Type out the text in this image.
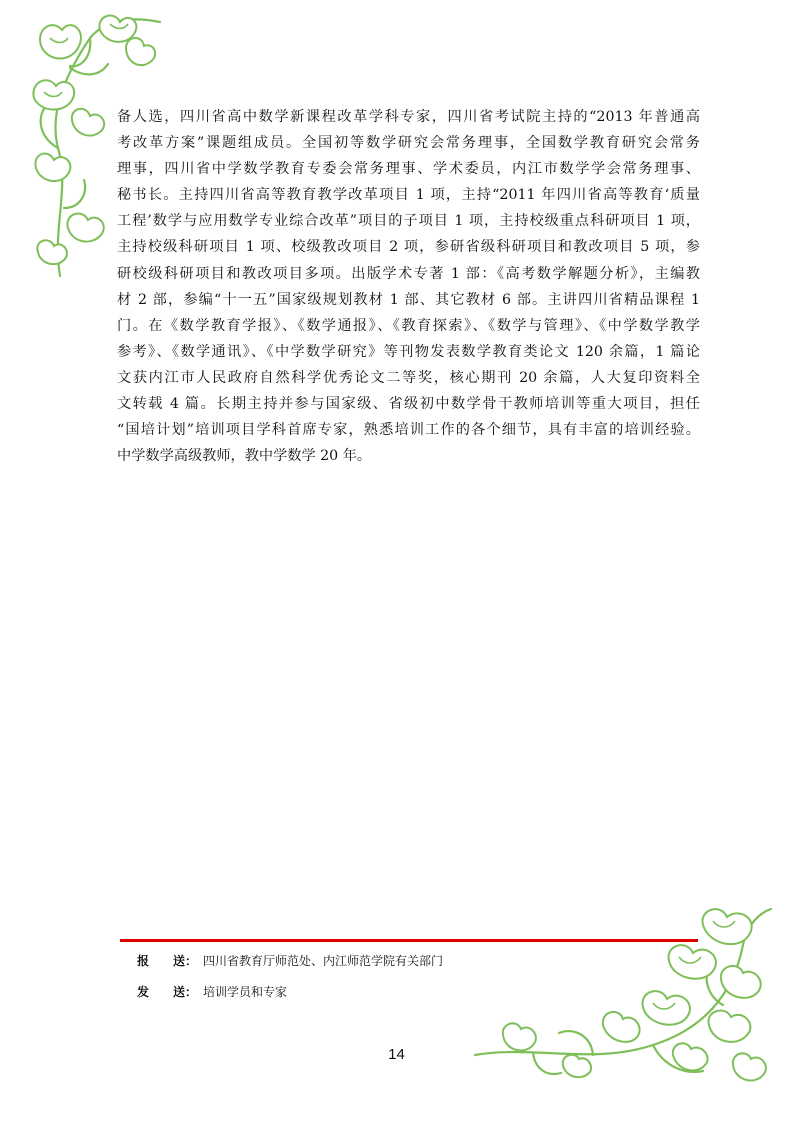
备人选，四川省高中数学新课程改革学科专家，四川省考试院主持的“2013 年普通高
考改革方案”课题组成员。全国初等数学研究会常务理事，全国数学教育研究会常务
理事，四川省中学数学教育专委会常务理事、学术委员，内江市数学学会常务理事、
秘书长。主持四川省高等教育教学改革项目 1 项，主持“2011 年四川省高等教育‘质量
工程’数学与应用数学专业综合改革”项目的子项目 1 项，主持校级重点科研项目 1 项，
主持校级科研项目 1 项、校级教改项目 2 项，参研省级科研项目和教改项目 5 项，参
研校级科研项目和教改项目多项。出版学术专著 1 部：《高考数学解题分析》，主编教
材 2 部，参编“十一五”国家级规划教材 1 部、其它教材 6 部。主讲四川省精品课程 1
门。在《数学教育学报》、《数学通报》、《教育探索》、《数学与管理》、《中学数学教学
参考》、《数学通讯》、《中学数学研究》等刊物发表数学教育类论文 120 余篇，1 篇论
文获内江市人民政府自然科学优秀论文二等奖，核心期刊 20 余篇，人大复印资料全
文转载 4 篇。长期主持并参与国家级、省级初中数学骨干教师培训等重大项目，担任
“国培计划”培训项目学科首席专家，熟悉培训工作的各个细节，具有丰富的培训经验。
中学数学高级教师，教中学数学 20 年。
报 送： 四川省教育厅师范处、内江师范学院有关部门
发 送： 培训学员和专家
14
